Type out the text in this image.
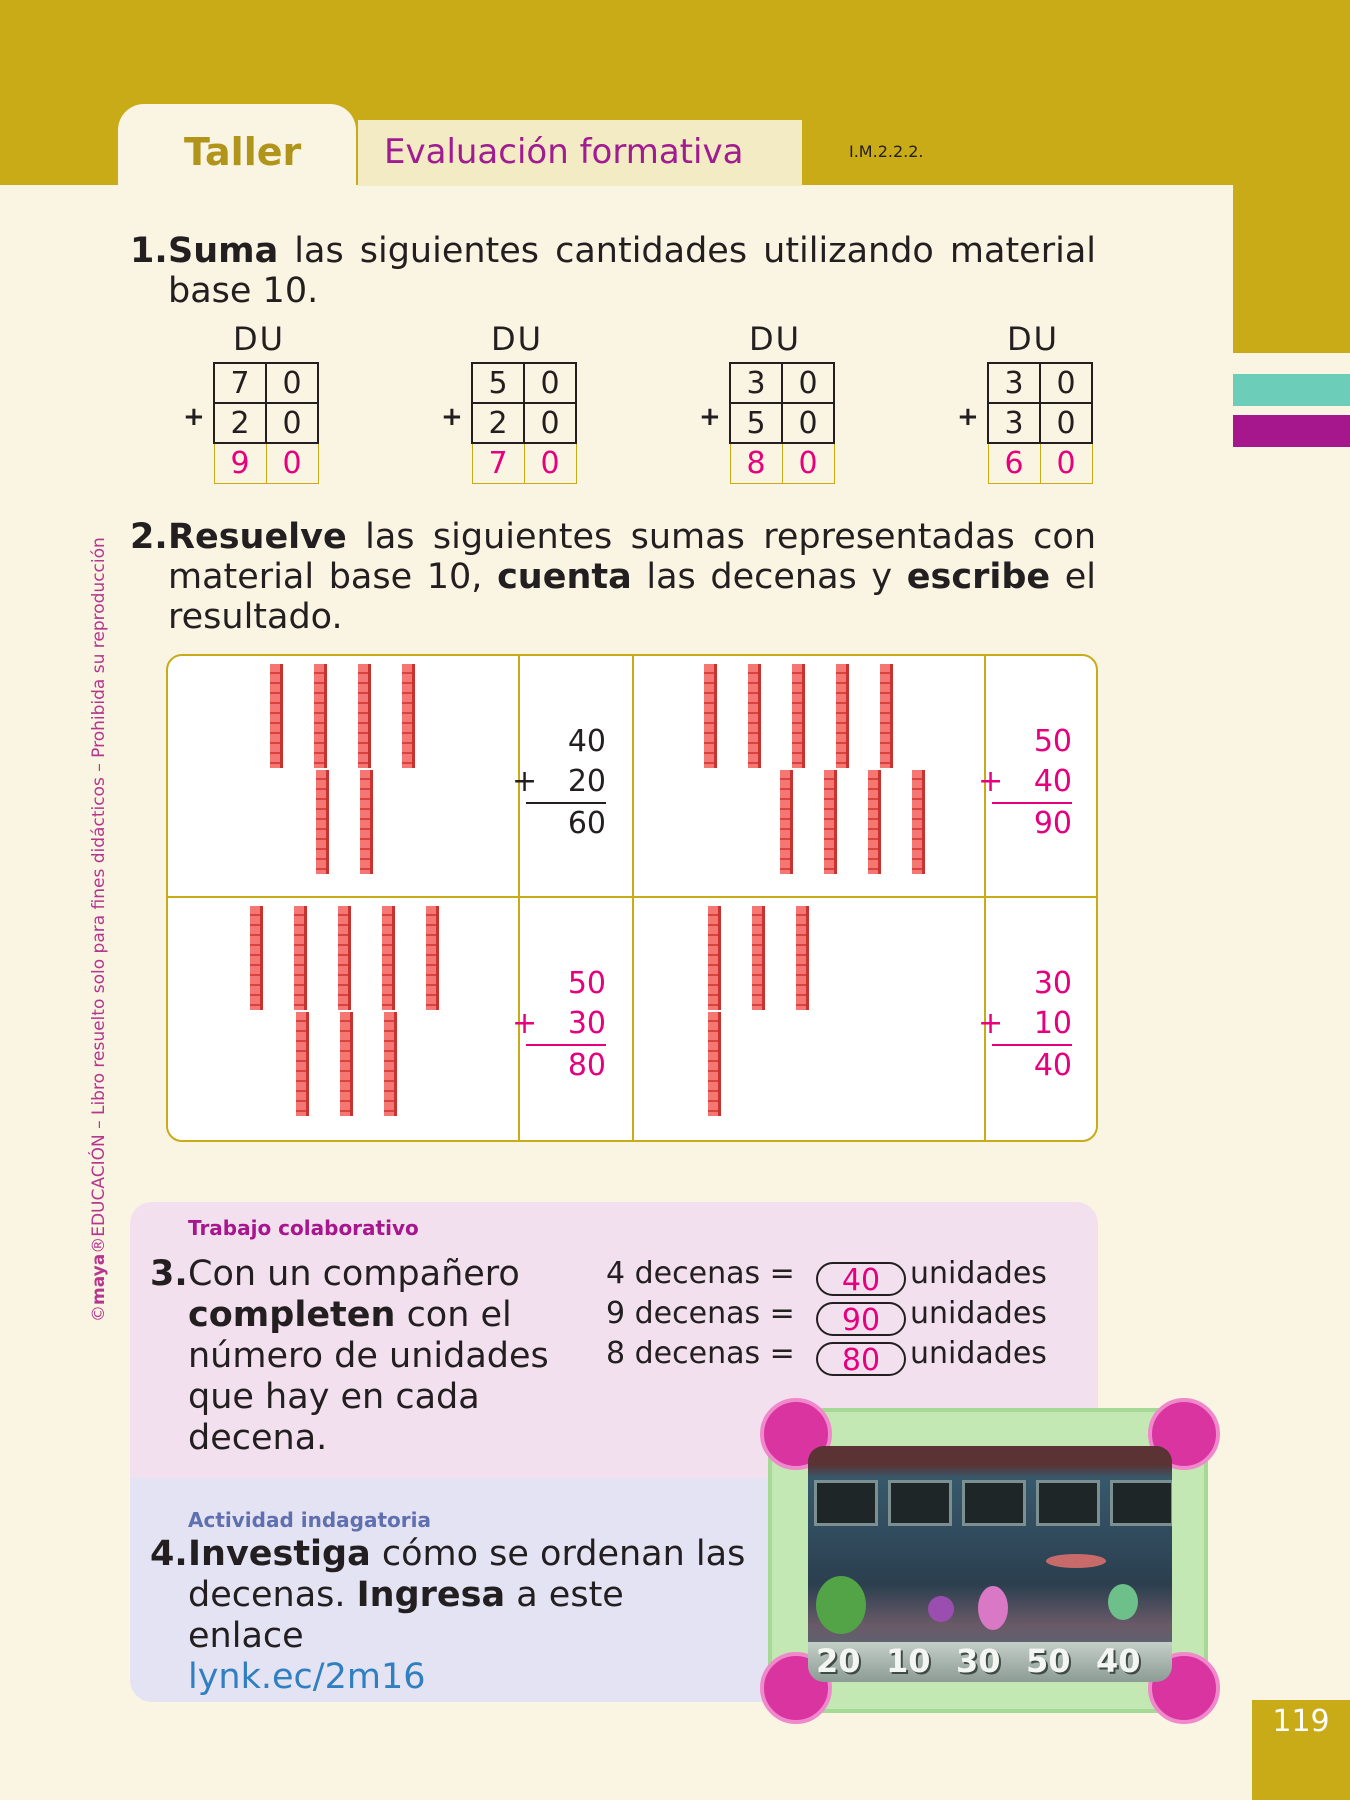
119
Taller Evaluación formativa	I.M.2.2.2.
©maya®EDUCACIÓN – Libro resuelto solo para fines didácticos – Prohibida su reproducción
1. Suma las siguientes cantidades utilizando material base 10.
DU
+
7	0
2	0
9	0
DU
+
5	0
2	0
7	0
DU
+
3	0
5	0
8	0
DU
+
3	0
3	0
6	0
2. Resuelve las siguientes sumas representadas con material base 10, cuenta las decenas y escribe el resultado.
40
+	20
60
50
+	40
90
50
+	30
80
30
+	10
40
Trabajo colaborativo
3. Con un compañero completen con el número de unidades que hay en cada decena.
4 decenas =	40 unidades
9 decenas =	90 unidades
8 decenas =	80 unidades
Actividad indagatoria
4. Investiga cómo se ordenan las decenas. Ingresa a este enlace
lynk.ec/2m16	20 10 30 50 40
